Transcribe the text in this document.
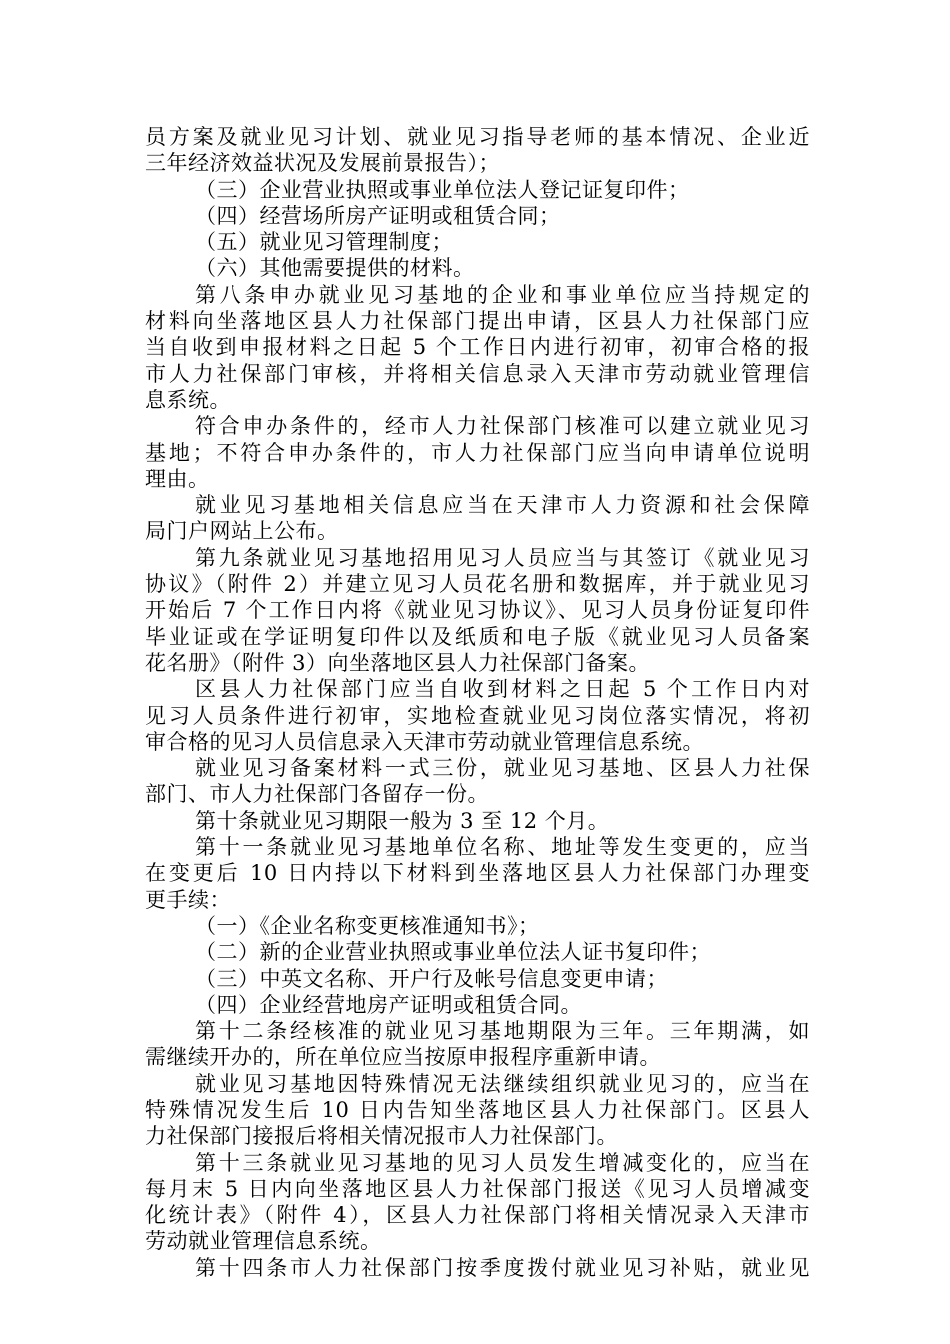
员方案及就业见习计划、就业见习指导老师的基本情况、企业近
三年经济效益状况及发展前景报告）；
（三）企业营业执照或事业单位法人登记证复印件；
（四）经营场所房产证明或租赁合同；
（五）就业见习管理制度；
（六）其他需要提供的材料。
第八条申办就业见习基地的企业和事业单位应当持规定的
材料向坐落地区县人力社保部门提出申请，区县人力社保部门应
当自收到申报材料之日起 5 个工作日内进行初审，初审合格的报
市人力社保部门审核，并将相关信息录入天津市劳动就业管理信
息系统。
符合申办条件的，经市人力社保部门核准可以建立就业见习
基地；不符合申办条件的，市人力社保部门应当向申请单位说明
理由。
就业见习基地相关信息应当在天津市人力资源和社会保障
局门户网站上公布。
第九条就业见习基地招用见习人员应当与其签订《就业见习
协议》（附件 2）并建立见习人员花名册和数据库，并于就业见习
开始后 7 个工作日内将《就业见习协议》、见习人员身份证复印件
毕业证或在学证明复印件以及纸质和电子版《就业见习人员备案
花名册》（附件 3）向坐落地区县人力社保部门备案。
区县人力社保部门应当自收到材料之日起 5 个工作日内对
见习人员条件进行初审，实地检查就业见习岗位落实情况，将初
审合格的见习人员信息录入天津市劳动就业管理信息系统。
就业见习备案材料一式三份，就业见习基地、区县人力社保
部门、市人力社保部门各留存一份。
第十条就业见习期限一般为 3 至 12 个月。
第十一条就业见习基地单位名称、地址等发生变更的，应当
在变更后 10 日内持以下材料到坐落地区县人力社保部门办理变
更手续：
（一）《企业名称变更核准通知书》；
（二）新的企业营业执照或事业单位法人证书复印件；
（三）中英文名称、开户行及帐号信息变更申请；
（四）企业经营地房产证明或租赁合同。
第十二条经核准的就业见习基地期限为三年。三年期满，如
需继续开办的，所在单位应当按原申报程序重新申请。
就业见习基地因特殊情况无法继续组织就业见习的，应当在
特殊情况发生后 10 日内告知坐落地区县人力社保部门。区县人
力社保部门接报后将相关情况报市人力社保部门。
第十三条就业见习基地的见习人员发生增减变化的，应当在
每月末 5 日内向坐落地区县人力社保部门报送《见习人员增减变
化统计表》（附件 4），区县人力社保部门将相关情况录入天津市
劳动就业管理信息系统。
第十四条市人力社保部门按季度拨付就业见习补贴，就业见
